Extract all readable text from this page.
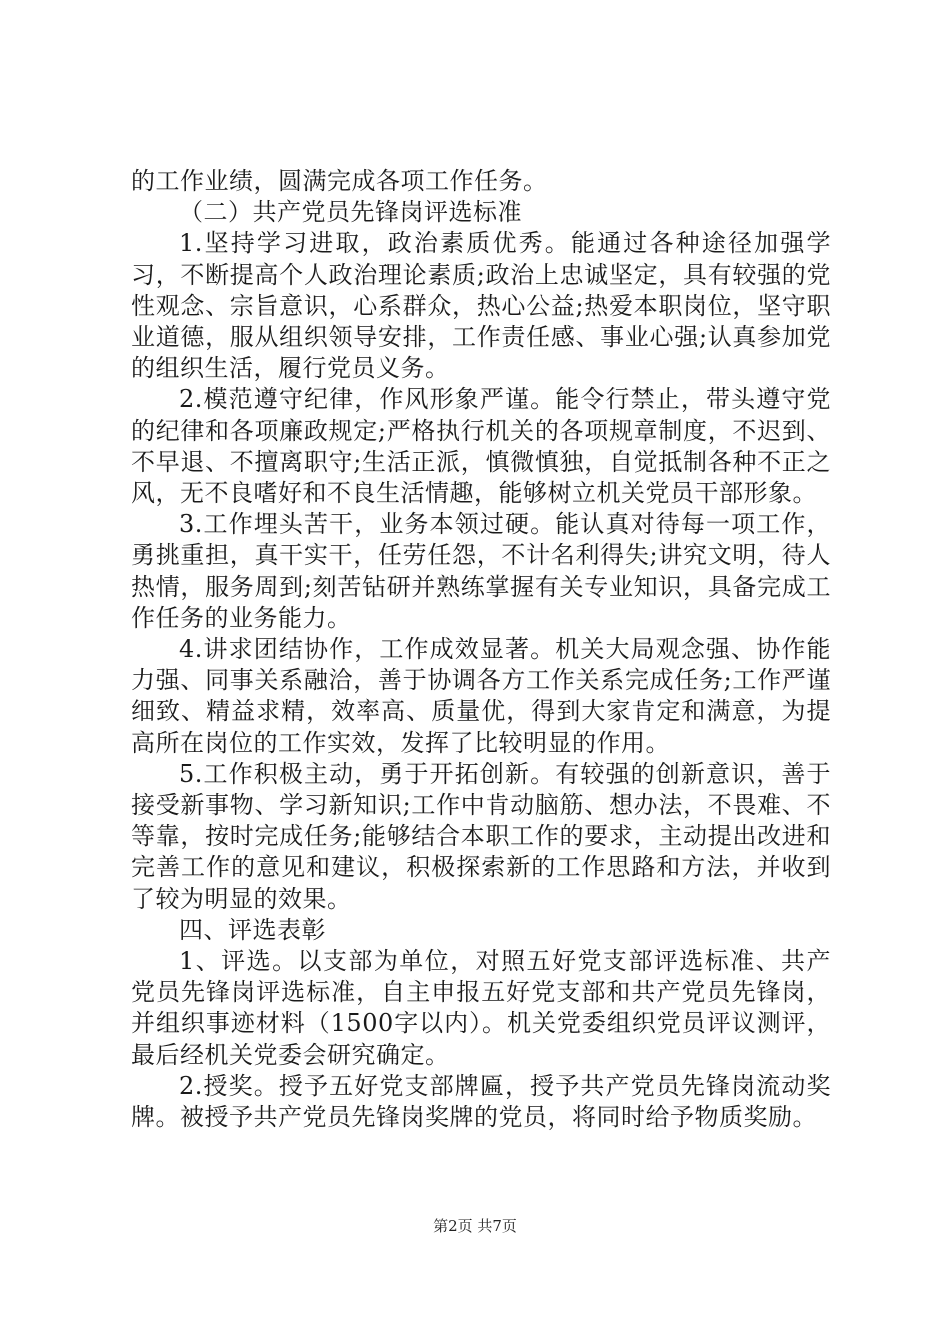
的工作业绩，圆满完成各项工作任务。

（二）共产党员先锋岗评选标准

1.坚持学习进取，政治素质优秀。能通过各种途径加强学习，不断提高个人政治理论素质;政治上忠诚坚定，具有较强的党性观念、宗旨意识，心系群众，热心公益;热爱本职岗位，坚守职业道德，服从组织领导安排，工作责任感、事业心强;认真参加党的组织生活，履行党员义务。

2.模范遵守纪律，作风形象严谨。能令行禁止，带头遵守党的纪律和各项廉政规定;严格执行机关的各项规章制度，不迟到、不早退、不擅离职守;生活正派，慎微慎独，自觉抵制各种不正之风，无不良嗜好和不良生活情趣，能够树立机关党员干部形象。

3.工作埋头苦干，业务本领过硬。能认真对待每一项工作，勇挑重担，真干实干，任劳任怨，不计名利得失;讲究文明，待人热情，服务周到;刻苦钻研并熟练掌握有关专业知识，具备完成工作任务的业务能力。

4.讲求团结协作，工作成效显著。机关大局观念强、协作能力强、同事关系融洽，善于协调各方工作关系完成任务;工作严谨细致、精益求精，效率高、质量优，得到大家肯定和满意，为提高所在岗位的工作实效，发挥了比较明显的作用。

5.工作积极主动，勇于开拓创新。有较强的创新意识，善于接受新事物、学习新知识;工作中肯动脑筋、想办法，不畏难、不等靠，按时完成任务;能够结合本职工作的要求，主动提出改进和完善工作的意见和建议，积极探索新的工作思路和方法，并收到了较为明显的效果。

四、评选表彰

1、评选。以支部为单位，对照五好党支部评选标准、共产党员先锋岗评选标准，自主申报五好党支部和共产党员先锋岗，并组织事迹材料（1500字以内）。机关党委组织党员评议测评，最后经机关党委会研究确定。

2.授奖。授予五好党支部牌匾，授予共产党员先锋岗流动奖牌。被授予共产党员先锋岗奖牌的党员，将同时给予物质奖励。

第2页 共7页
